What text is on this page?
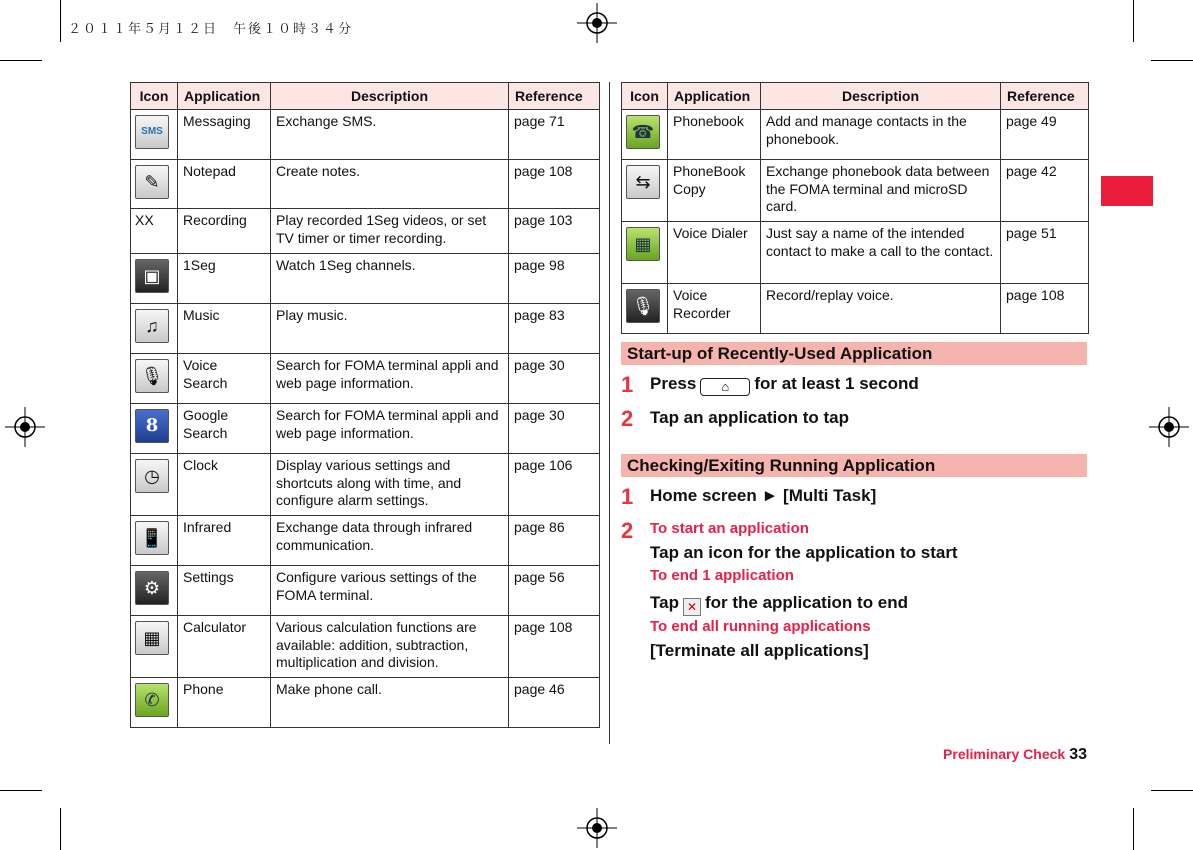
２０１１年５月１２日　午後１０時３４分
Icon	Application	Description	Reference

SMS	Messaging	Exchange SMS.	page 71

✎	Notepad	Create notes.	page 108

XX	Recording	Play recorded 1Seg videos, or set TV timer or timer recording.	page 103

▣	1Seg	Watch 1Seg channels.	page 98

♫	Music	Play music.	page 83

🎙	Voice Search	Search for FOMA terminal appli and web page information.	page 30

8	Google Search	Search for FOMA terminal appli and web page information.	page 30

◷	Clock	Display various settings and shortcuts along with time, and configure alarm settings.	page 106

📱	Infrared	Exchange data through infrared communication.	page 86

⚙	Settings	Configure various settings of the FOMA terminal.	page 56

▦	Calculator	Various calculation functions are available: addition, subtraction, multiplication and division.	page 108

✆	Phone	Make phone call.	page 46
Icon	Application	Description	Reference

☎	Phonebook	Add and manage contacts in the phonebook.	page 49

⇆	PhoneBook Copy	Exchange phonebook data between the FOMA terminal and microSD card.	page 42

▦	Voice Dialer	Just say a name of the intended contact to make a call to the contact.	page 51

🎙	Voice Recorder	Record/replay voice.	page 108
Start-up of Recently-Used Application
1 Press ⌂ for at least 1 second
2 Tap an application to tap
Checking/Exiting Running Application
1 Home screen ► [Multi Task]
2 To start an application
Tap an icon for the application to start
To end 1 application
Tap ✕ for the application to end
To end all running applications
[Terminate all applications]
Preliminary Check 33
